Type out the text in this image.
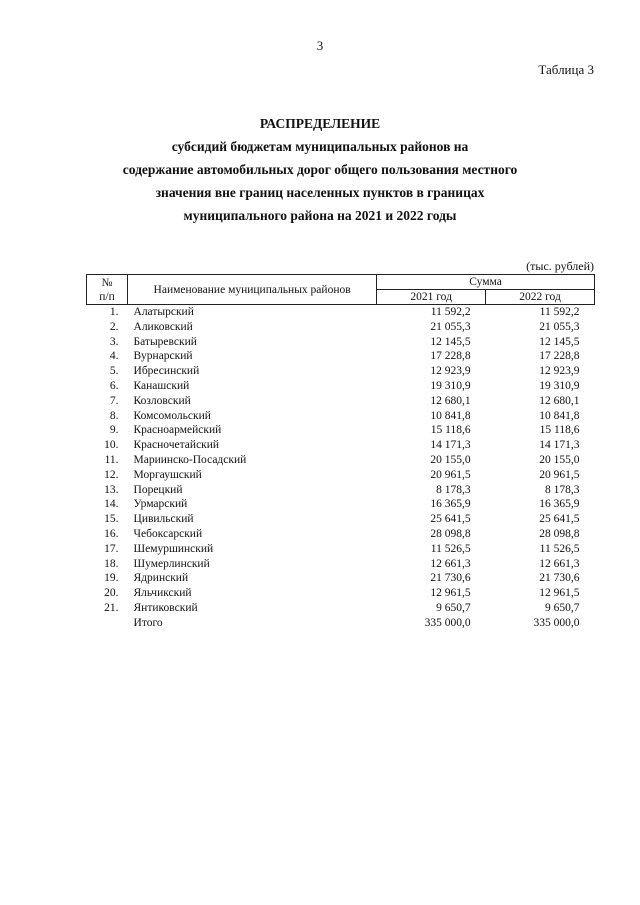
3
Таблица 3
РАСПРЕДЕЛЕНИЕ
субсидий бюджетам муниципальных районов на
содержание автомобильных дорог общего пользования местного
значения вне границ населенных пунктов в границах
муниципального района на 2021 и 2022 годы
(тыс. рублей)
№
п/п	Наименование муниципальных районов	Сумма	
		2021 год	2022 год
1.	Алатырский	11 592,2	11 592,2
2.	Аликовский	21 055,3	21 055,3
3.	Батыревский	12 145,5	12 145,5
4.	Вурнарский	17 228,8	17 228,8
5.	Ибресинский	12 923,9	12 923,9
6.	Канашский	19 310,9	19 310,9
7.	Козловский	12 680,1	12 680,1
8.	Комсомольский	10 841,8	10 841,8
9.	Красноармейский	15 118,6	15 118,6
10.	Красночетайский	14 171,3	14 171,3
11.	Мариинско-Посадский	20 155,0	20 155,0
12.	Моргаушский	20 961,5	20 961,5
13.	Порецкий	8 178,3	8 178,3
14.	Урмарский	16 365,9	16 365,9
15.	Цивильский	25 641,5	25 641,5
16.	Чебоксарский	28 098,8	28 098,8
17.	Шемуршинский	11 526,5	11 526,5
18.	Шумерлинский	12 661,3	12 661,3
19.	Ядринский	21 730,6	21 730,6
20.	Яльчикский	12 961,5	12 961,5
21.	Янтиковский	9 650,7	9 650,7
	Итого	335 000,0	335 000,0
